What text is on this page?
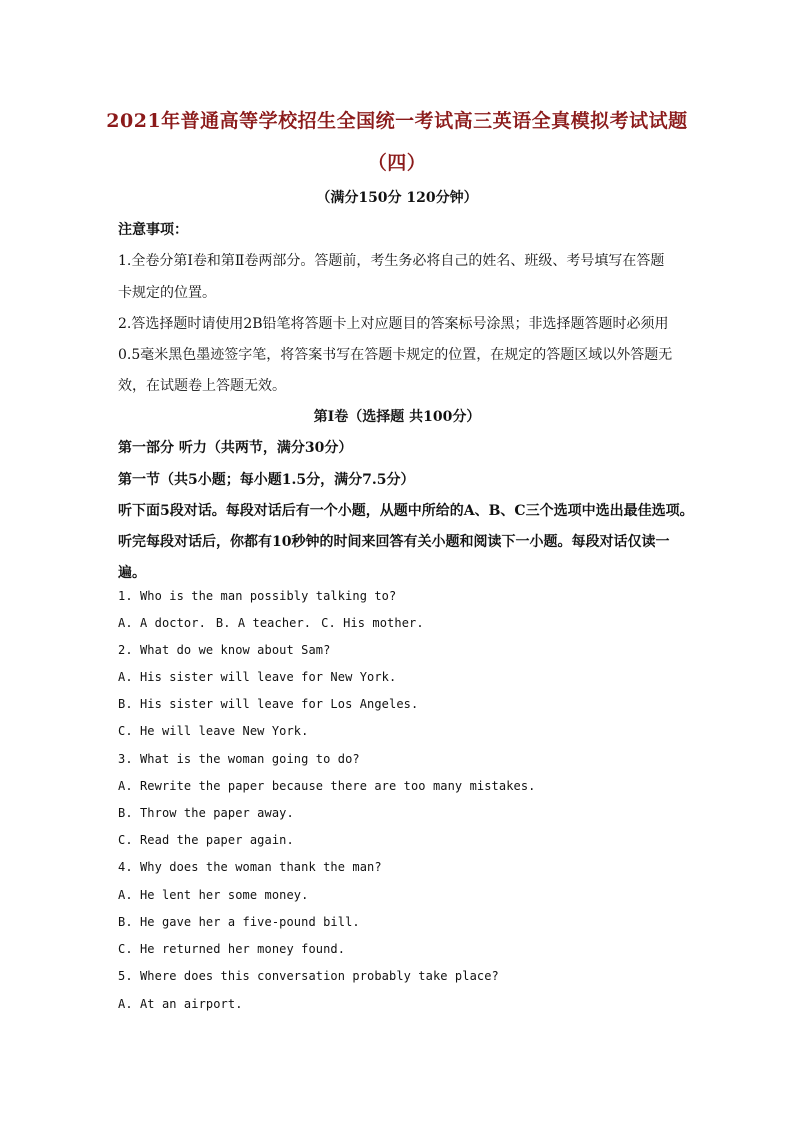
2021年普通高等学校招生全国统一考试高三英语全真模拟考试试题
（四）
（满分150分 120分钟）
注意事项：
1.全卷分第Ⅰ卷和第Ⅱ卷两部分。答题前，考生务必将自己的姓名、班级、考号填写在答题
卡规定的位置。
2.答选择题时请使用2B铅笔将答题卡上对应题目的答案标号涂黑；非选择题答题时必须用
0.5毫米黑色墨迹签字笔，将答案书写在答题卡规定的位置，在规定的答题区域以外答题无
效，在试题卷上答题无效。
第Ⅰ卷（选择题 共100分）
第一部分 听力（共两节，满分30分）
第一节（共5小题；每小题1.5分，满分7.5分）
听下面5段对话。每段对话后有一个小题，从题中所给的A、B、C三个选项中选出最佳选项。
听完每段对话后，你都有10秒钟的时间来回答有关小题和阅读下一小题。每段对话仅读一
遍。
1. Who is the man possibly talking to?
A. A doctor. B. A teacher. C. His mother.
2. What do we know about Sam?
A. His sister will leave for New York.
B. His sister will leave for Los Angeles.
C. He will leave New York.
3. What is the woman going to do?
A. Rewrite the paper because there are too many mistakes.
B. Throw the paper away.
C. Read the paper again.
4. Why does the woman thank the man?
A. He lent her some money.
B. He gave her a five-pound bill.
C. He returned her money found.
5. Where does this conversation probably take place?
A. At an airport.
